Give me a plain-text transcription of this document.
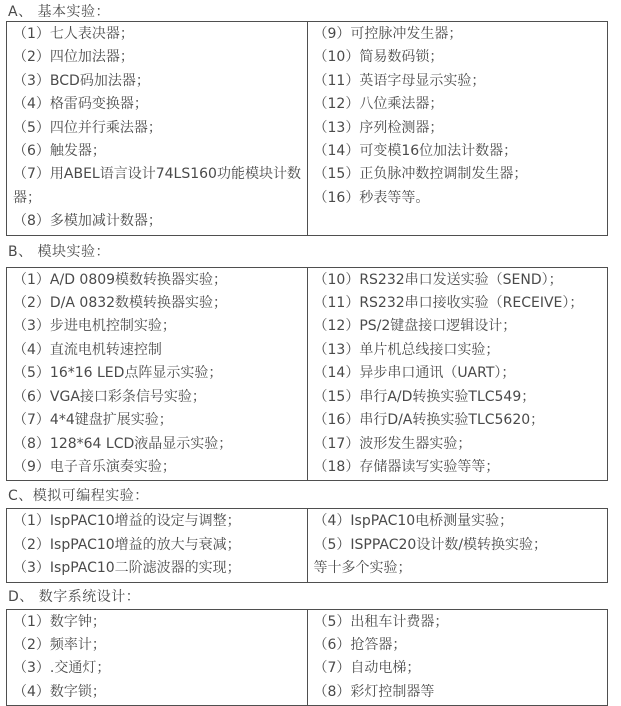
A、 基本实验：
（1）七人表决器；
（2）四位加法器；
（3）BCD码加法器；
（4）格雷码变换器；
（5）四位并行乘法器；
（6）触发器；
（7）用ABEL语言设计74LS160功能模块计数器；
（8）多模加减计数器；

（9）可控脉冲发生器；
（10）简易数码锁；
（11）英语字母显示实验；
（12）八位乘法器；
（13）序列检测器；
（14）可变模16位加法计数器；
（15）正负脉冲数控调制发生器；
（16）秒表等等。
B、 模块实验：
（1）A/D 0809模数转换器实验；
（2）D/A 0832数模转换器实验；
（3）步进电机控制实验；
（4）直流电机转速控制
（5）16*16 LED点阵显示实验；
（6）VGA接口彩条信号实验；
（7）4*4键盘扩展实验；
（8）128*64 LCD液晶显示实验；
（9）电子音乐演奏实验；

（10）RS232串口发送实验（SEND）；
（11）RS232串口接收实验（RECEIVE）；
（12）PS/2键盘接口逻辑设计；
（13）单片机总线接口实验；
（14）异步串口通讯（UART）；
（15）串行A/D转换实验TLC549；
（16）串行D/A转换实验TLC5620；
（17）波形发生器实验；
（18）存储器读写实验等等；
C、模拟可编程实验：
（1）IspPAC10增益的设定与调整；
（2）IspPAC10增益的放大与衰减；
（3）IspPAC10二阶滤波器的实现；

（4）IspPAC10电桥测量实验；
（5）ISPPAC20设计数/模转换实验；
等十多个实验；
D、 数字系统设计：
（1）数字钟；
（2）频率计；
（3）.交通灯；
（4）数字锁；

（5）出租车计费器；
（6）抢答器；
（7）自动电梯；
（8）彩灯控制器等
